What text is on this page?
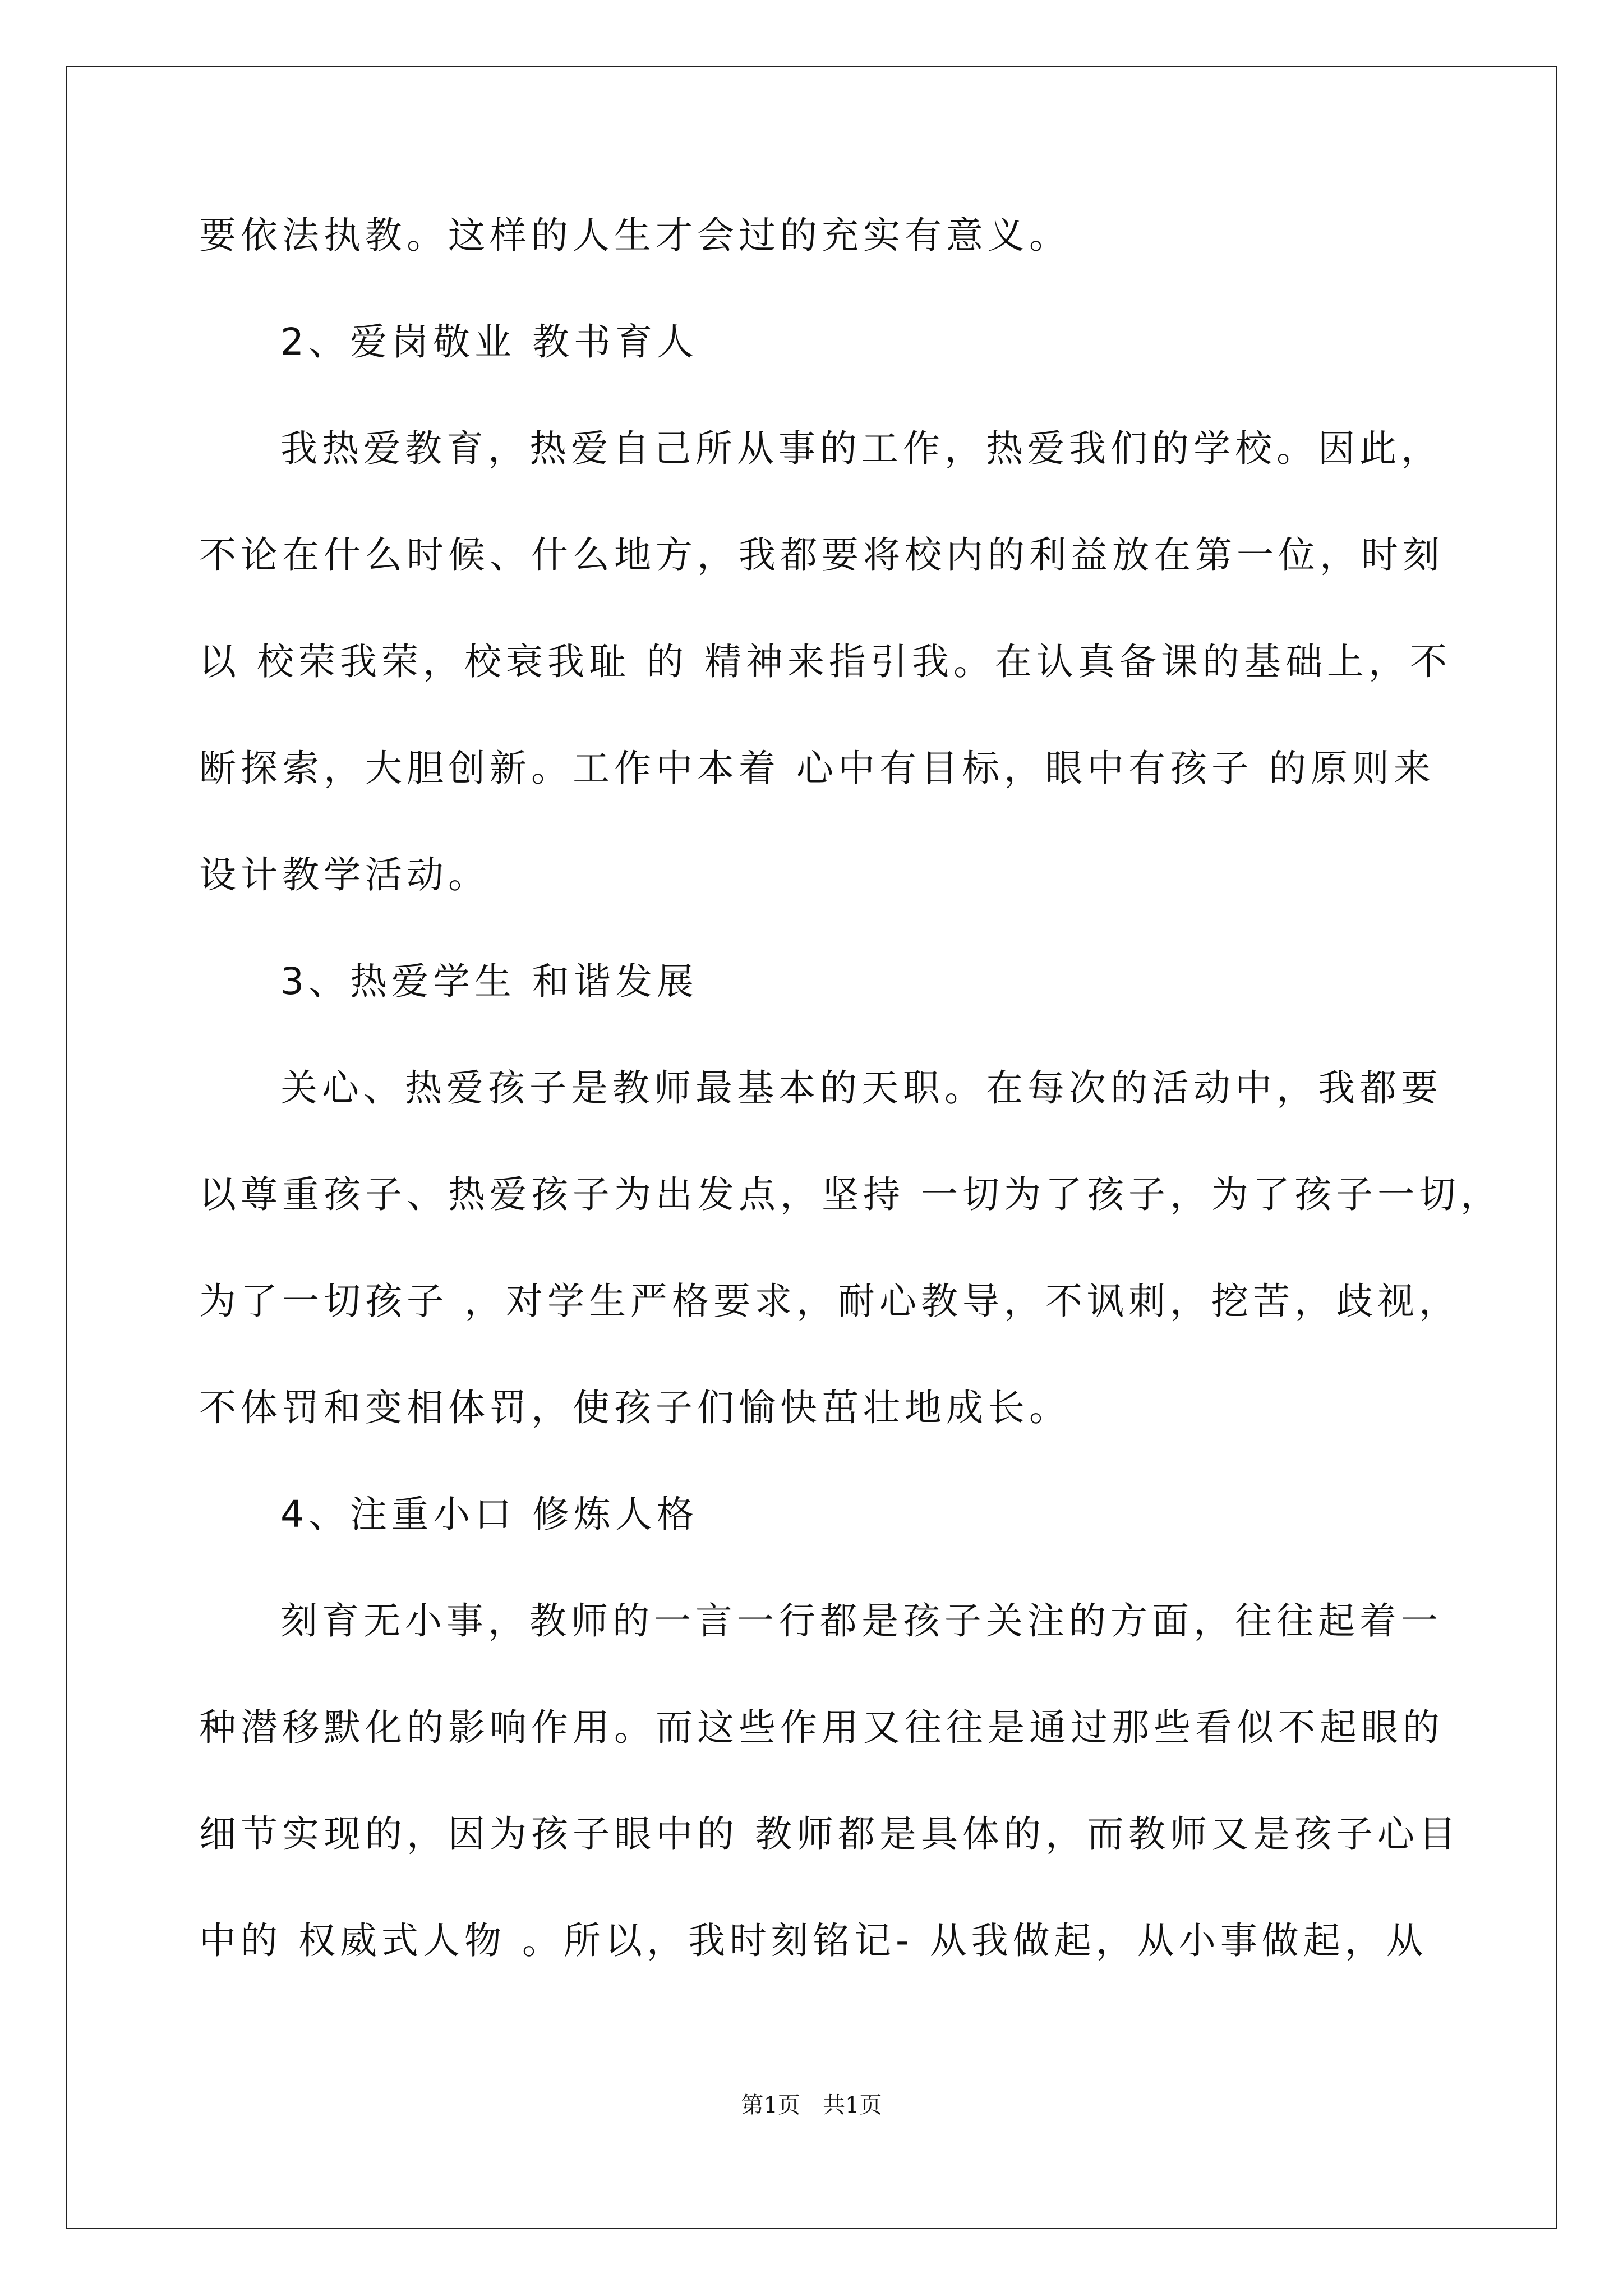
要依法执教。这样的人生才会过的充实有意义。
2、爱岗敬业 教书育人
我热爱教育，热爱自己所从事的工作，热爱我们的学校。因此，
不论在什么时候、什么地方，我都要将校内的利益放在第一位，时刻
以 校荣我荣，校衰我耻 的 精神来指引我。在认真备课的基础上，不
断探索，大胆创新。工作中本着 心中有目标，眼中有孩子 的原则来
设计教学活动。
3、热爱学生 和谐发展
关心、热爱孩子是教师最基本的天职。在每次的活动中，我都要
以尊重孩子、热爱孩子为出发点，坚持 一切为了孩子，为了孩子一切，
为了一切孩子 ，对学生严格要求，耐心教导，不讽刺，挖苦，歧视，
不体罚和变相体罚，使孩子们愉快茁壮地成长。
4、注重小口 修炼人格
刻育无小事，教师的一言一行都是孩子关注的方面，往往起着一
种潜移默化的影响作用。而这些作用又往往是通过那些看似不起眼的
细节实现的，因为孩子眼中的 教师都是具体的，而教师又是孩子心目
中的 权威式人物 。所以，我时刻铭记- 从我做起，从小事做起，从
第1页　共1页
